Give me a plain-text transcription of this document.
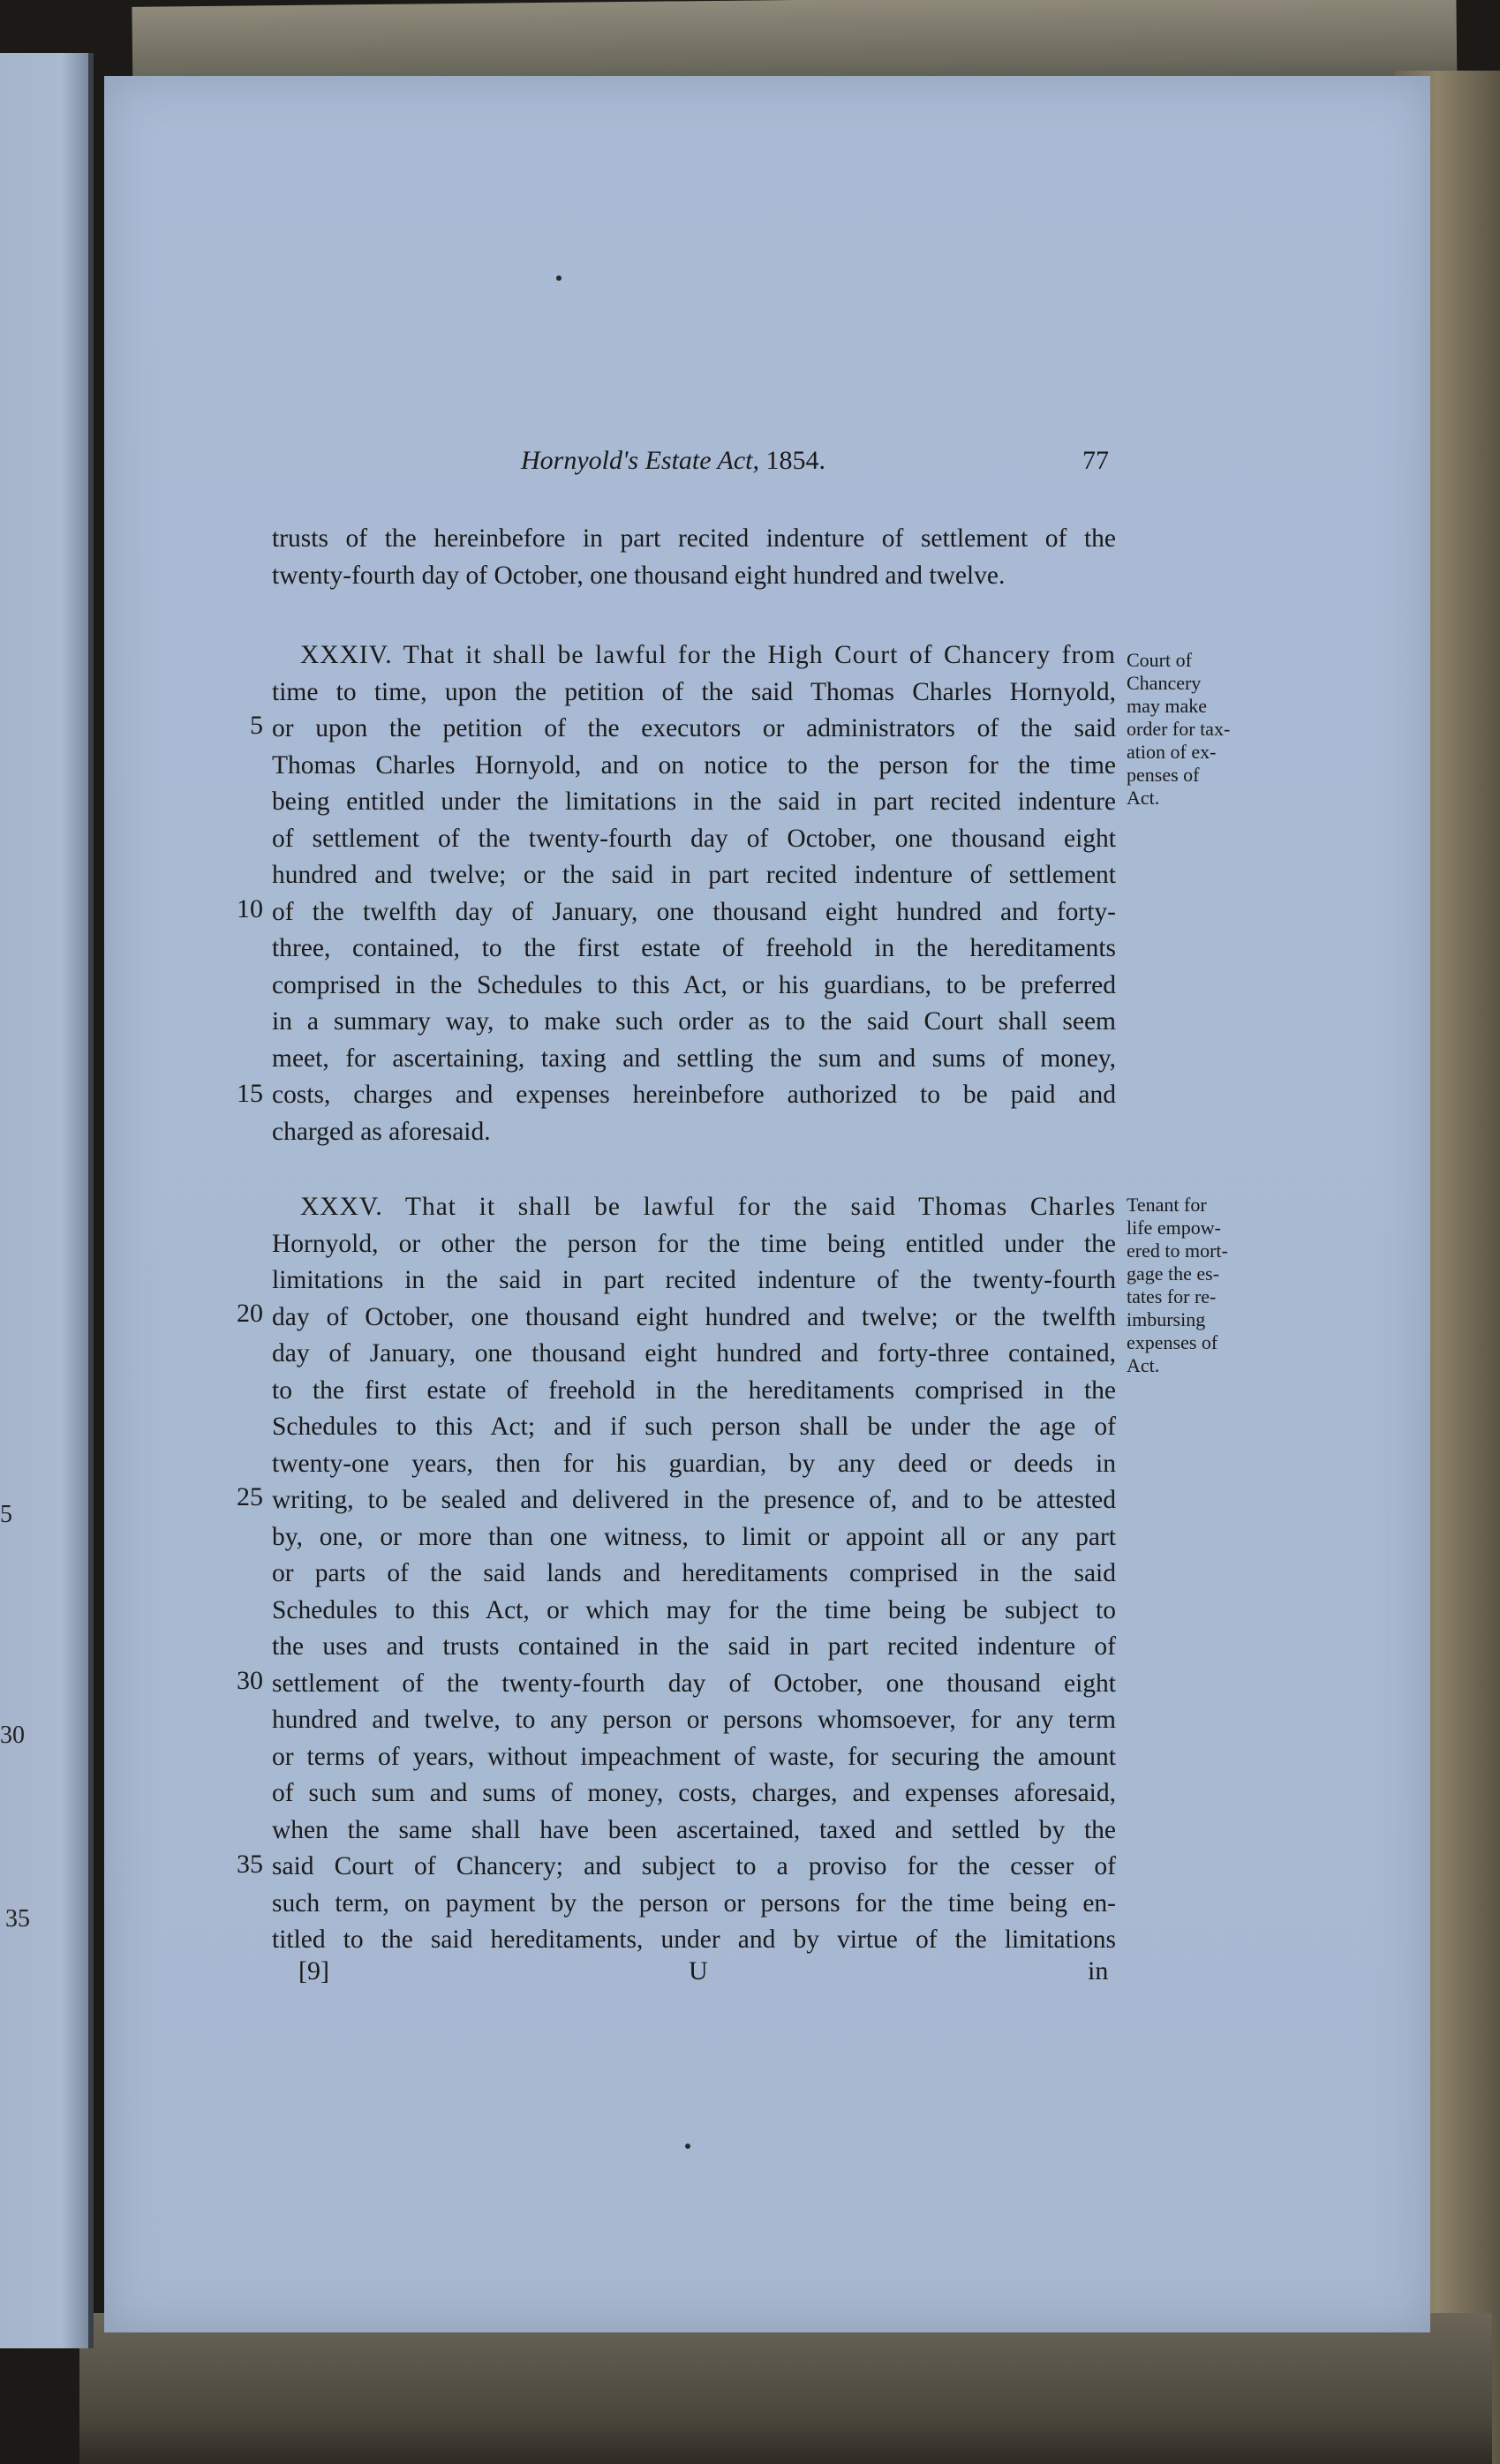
5
30
35
Hornyold's Estate Act, 1854.	77
trusts of the hereinbefore in part recited indenture of settlement of the
twenty-fourth day of October, one thousand eight hundred and twelve.
XXXIV. That it shall be lawful for the High Court of Chancery from
time to time, upon the petition of the said Thomas Charles Hornyold,
or upon the petition of the executors or administrators of the said
Thomas Charles Hornyold, and on notice to the person for the time
being entitled under the limitations in the said in part recited indenture
of settlement of the twenty-fourth day of October, one thousand eight
hundred and twelve; or the said in part recited indenture of settlement
of the twelfth day of January, one thousand eight hundred and forty-
three, contained, to the first estate of freehold in the hereditaments
comprised in the Schedules to this Act, or his guardians, to be preferred
in a summary way, to make such order as to the said Court shall seem
meet, for ascertaining, taxing and settling the sum and sums of money,
costs, charges and expenses hereinbefore authorized to be paid and
charged as aforesaid.
Court of
Chancery
may make
order for tax-
ation of ex-
penses of
Act.
XXXV. That it shall be lawful for the said Thomas Charles
Hornyold, or other the person for the time being entitled under the
limitations in the said in part recited indenture of the twenty-fourth
day of October, one thousand eight hundred and twelve; or the twelfth
day of January, one thousand eight hundred and forty-three contained,
to the first estate of freehold in the hereditaments comprised in the
Schedules to this Act; and if such person shall be under the age of
twenty-one years, then for his guardian, by any deed or deeds in
writing, to be sealed and delivered in the presence of, and to be attested
by, one, or more than one witness, to limit or appoint all or any part
or parts of the said lands and hereditaments comprised in the said
Schedules to this Act, or which may for the time being be subject to
the uses and trusts contained in the said in part recited indenture of
settlement of the twenty-fourth day of October, one thousand eight
hundred and twelve, to any person or persons whomsoever, for any term
or terms of years, without impeachment of waste, for securing the amount
of such sum and sums of money, costs, charges, and expenses aforesaid,
when the same shall have been ascertained, taxed and settled by the
said Court of Chancery; and subject to a proviso for the cesser of
such term, on payment by the person or persons for the time being en-
titled to the said hereditaments, under and by virtue of the limitations
Tenant for
life empow-
ered to mort-
gage the es-
tates for re-
imbursing
expenses of
Act.
5
10
15
20
25
30
35
[9]	U	in
